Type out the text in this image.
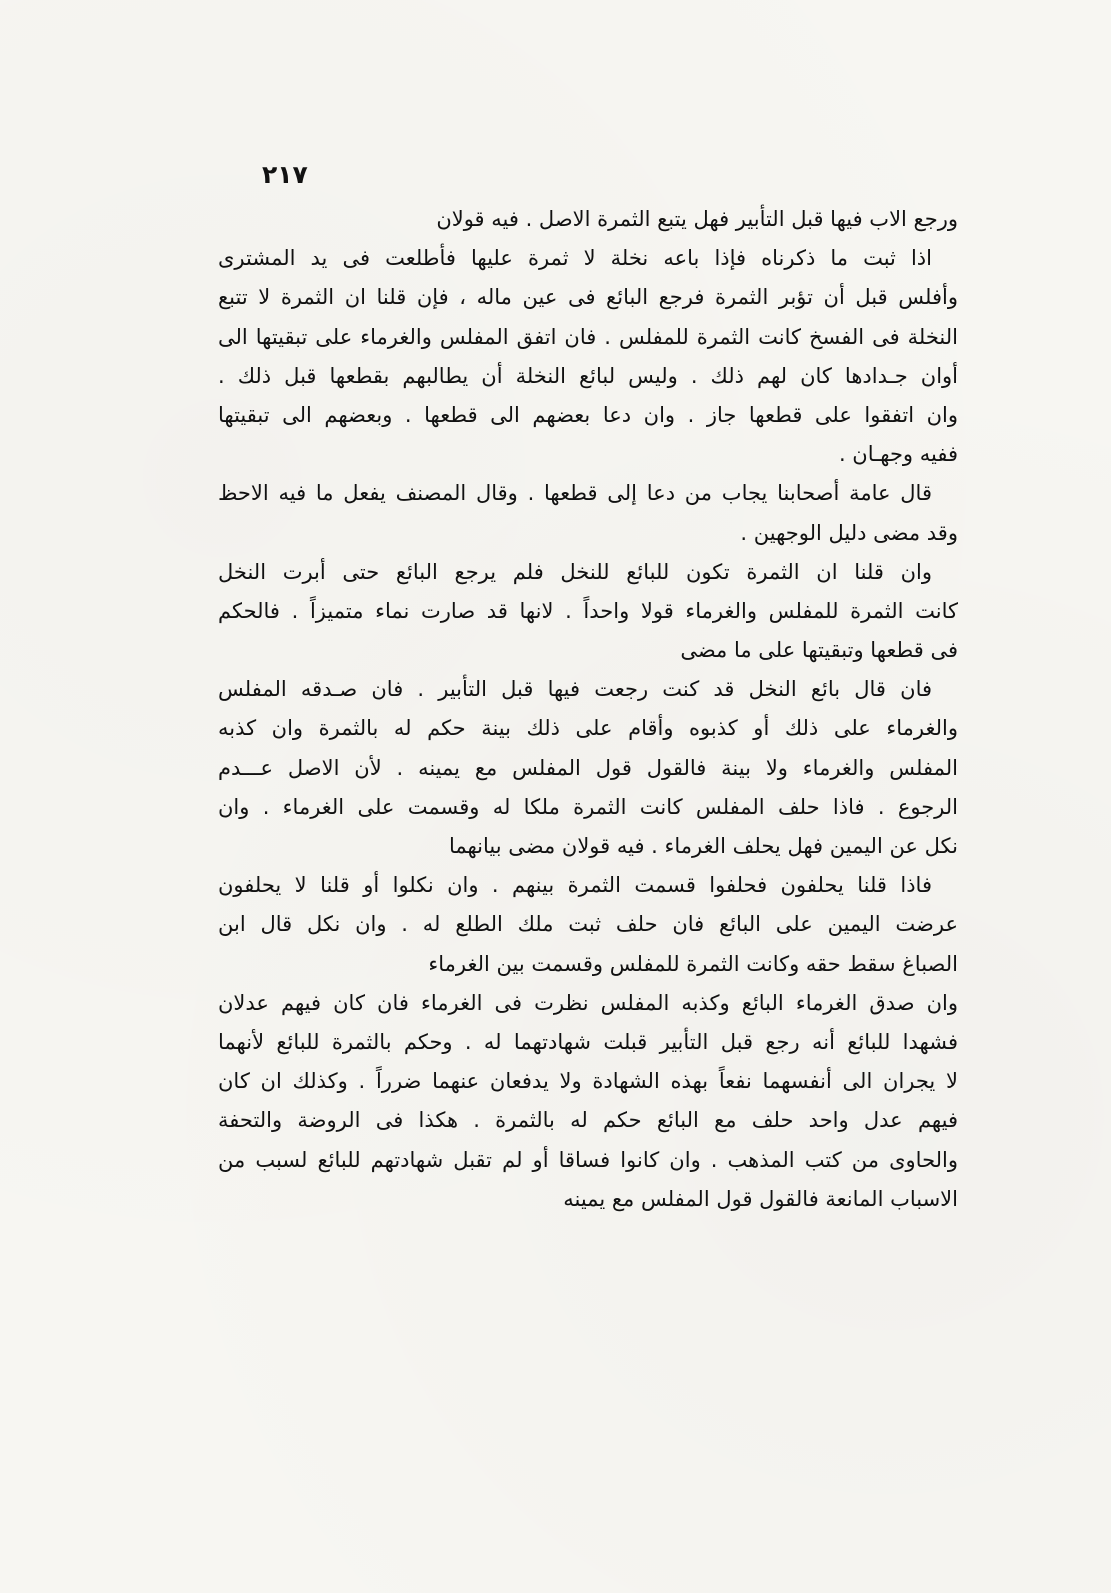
٢١٧
ورجع الاب فيها قبل التأبير فهل يتبع الثمرة الاصل . فيه قولان
اذا ثبت ما ذكرناه فإذا باعه نخلة لا ثمرة عليها فأطلعت فى يد المشترى
وأفلس قبل أن تؤبر الثمرة فرجع البائع فى عين ماله ، فإن قلنا ان الثمرة لا تتبع
النخلة فى الفسخ كانت الثمرة للمفلس . فان اتفق المفلس والغرماء على تبقيتها الى
أوان جـدادها كان لهم ذلك . وليس لبائع النخلة أن يطالبهم بقطعها قبل ذلك .
وان اتفقوا على قطعها جاز . وان دعا بعضهم الى قطعها . وبعضهم الى تبقيتها
ففيه وجهـان .
قال عامة أصحابنا يجاب من دعا إلى قطعها . وقال المصنف يفعل ما فيه الاحظ
وقد مضى دليل الوجهين .
وان قلنا ان الثمرة تكون للبائع للنخل فلم يرجع البائع حتى أبرت النخل
كانت الثمرة للمفلس والغرماء قولا واحداً . لانها قد صارت نماء متميزاً . فالحكم
فى قطعها وتبقيتها على ما مضى
فان قال بائع النخل قد كنت رجعت فيها قبل التأبير . فان صـدقه المفلس
والغرماء على ذلك أو كذبوه وأقام على ذلك بينة حكم له بالثمرة وان كذبه
المفلس والغرماء ولا بينة فالقول قول المفلس مع يمينه . لأن الاصل عـــدم
الرجوع . فاذا حلف المفلس كانت الثمرة ملكا له وقسمت على الغرماء . وان
نكل عن اليمين فهل يحلف الغرماء . فيه قولان مضى بيانهما
فاذا قلنا يحلفون فحلفوا قسمت الثمرة بينهم . وان نكلوا أو قلنا لا يحلفون
عرضت اليمين على البائع فان حلف ثبت ملك الطلع له . وان نكل قال ابن
الصباغ سقط حقه وكانت الثمرة للمفلس وقسمت بين الغرماء
وان صدق الغرماء البائع وكذبه المفلس نظرت فى الغرماء فان كان فيهم عدلان
فشهدا للبائع أنه رجع قبل التأبير قبلت شهادتهما له . وحكم بالثمرة للبائع لأنهما
لا يجران الى أنفسهما نفعاً بهذه الشهادة ولا يدفعان عنهما ضرراً . وكذلك ان كان
فيهم عدل واحد حلف مع البائع حكم له بالثمرة . هكذا فى الروضة والتحفة
والحاوى من كتب المذهب . وان كانوا فساقا أو لم تقبل شهادتهم للبائع لسبب من
الاسباب المانعة فالقول قول المفلس مع يمينه
